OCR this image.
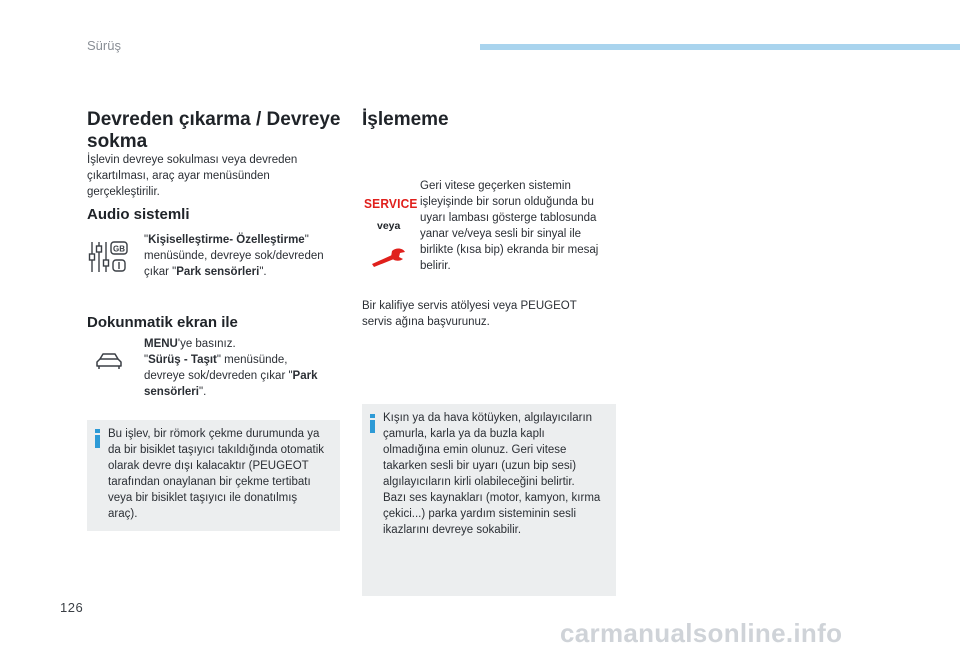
Sürüş
Devreden çıkarma / Devreye
sokma
İşlevin devreye sokulması veya devreden
çıkartılması, araç ayar menüsünden
gerçekleştirilir.
Audio sistemli
GB
"Kişiselleştirme- Özelleştirme"
menüsünde, devreye sok/devreden
çıkar "Park sensörleri".
Dokunmatik ekran ile
MENU'ye basınız.
"Sürüş - Taşıt" menüsünde,
devreye sok/devreden çıkar "Park
sensörleri".
Bu işlev, bir römork çekme durumunda ya
da bir bisiklet taşıyıcı takıldığında otomatik
olarak devre dışı kalacaktır (PEUGEOT
tarafından onaylanan bir çekme tertibatı
veya bir bisiklet taşıyıcı ile donatılmış
araç).
İşlememe
SERVICE
veya
Geri vitese geçerken sistemin
işleyişinde bir sorun olduğunda bu
uyarı lambası gösterge tablosunda
yanar ve/veya sesli bir sinyal ile
birlikte (kısa bip) ekranda bir mesaj
belirir.
Bir kalifiye servis atölyesi veya PEUGEOT
servis ağına başvurunuz.
Kışın ya da hava kötüyken, algılayıcıların
çamurla, karla ya da buzla kaplı
olmadığına emin olunuz. Geri vitese
takarken sesli bir uyarı (uzun bip sesi)
algılayıcıların kirli olabileceğini belirtir.
Bazı ses kaynakları (motor, kamyon, kırma
çekici...) parka yardım sisteminin sesli
ikazlarını devreye sokabilir.
126
carmanualsonline.info
